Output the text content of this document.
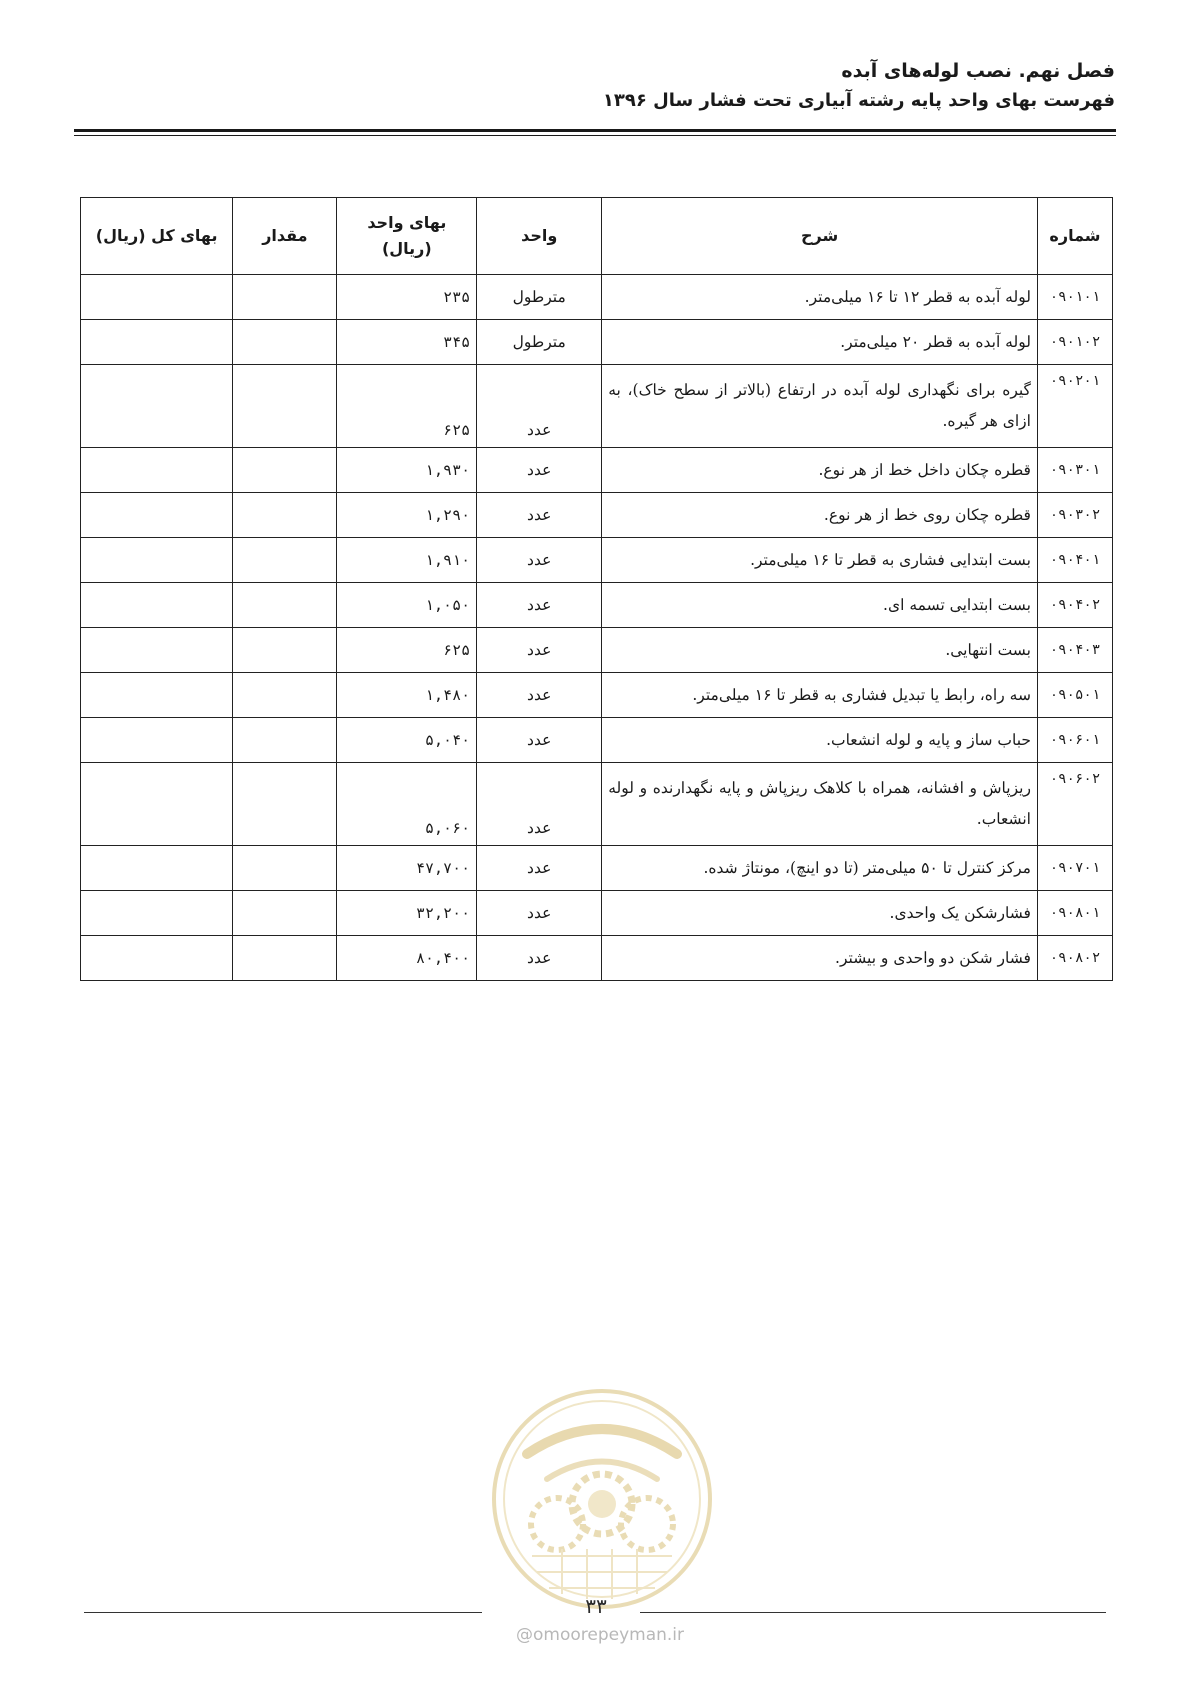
فصل نهم. نصب لوله‌های آبده
فهرست بهای واحد پایه رشته آبیاری تحت فشار سال ۱۳۹۶
شماره	شرح	واحد	بهای واحد (ریال)	مقدار	بهای کل (ریال)
۰۹۰۱۰۱	لوله آبده به قطر ۱۲ تا ۱۶ میلی‌متر.	مترطول	۲۳۵		
۰۹۰۱۰۲	لوله آبده به قطر ۲۰ میلی‌متر.	مترطول	۳۴۵		
۰۹۰۲۰۱	گیره برای نگهداری لوله آبده در ارتفاع (بالاتر از سطح خاک)، به ازای هر گیره.	عدد	۶۲۵		
۰۹۰۳۰۱	قطره چکان داخل خط از هر نوع.	عدد	۱,۹۳۰		
۰۹۰۳۰۲	قطره چکان روی خط از هر نوع.	عدد	۱,۲۹۰		
۰۹۰۴۰۱	بست ابتدایی فشاری به قطر تا ۱۶ میلی‌متر.	عدد	۱,۹۱۰		
۰۹۰۴۰۲	بست ابتدایی تسمه ای.	عدد	۱,۰۵۰		
۰۹۰۴۰۳	بست انتهایی.	عدد	۶۲۵		
۰۹۰۵۰۱	سه راه، رابط یا تبدیل فشاری به قطر تا ۱۶ میلی‌متر.	عدد	۱,۴۸۰		
۰۹۰۶۰۱	حباب ساز و پایه و لوله انشعاب.	عدد	۵,۰۴۰		
۰۹۰۶۰۲	ریزپاش و افشانه، همراه با کلاهک ریزپاش و پایه نگهدارنده و لوله انشعاب.	عدد	۵,۰۶۰		
۰۹۰۷۰۱	مرکز کنترل تا ۵۰ میلی‌متر (تا دو اینچ)، مونتاژ شده.	عدد	۴۷,۷۰۰		
۰۹۰۸۰۱	فشارشکن یک واحدی.	عدد	۳۲,۲۰۰		
۰۹۰۸۰۲	فشار شکن دو واحدی و بیشتر.	عدد	۸۰,۴۰۰		
۳۳
@omoorepeyman.ir
